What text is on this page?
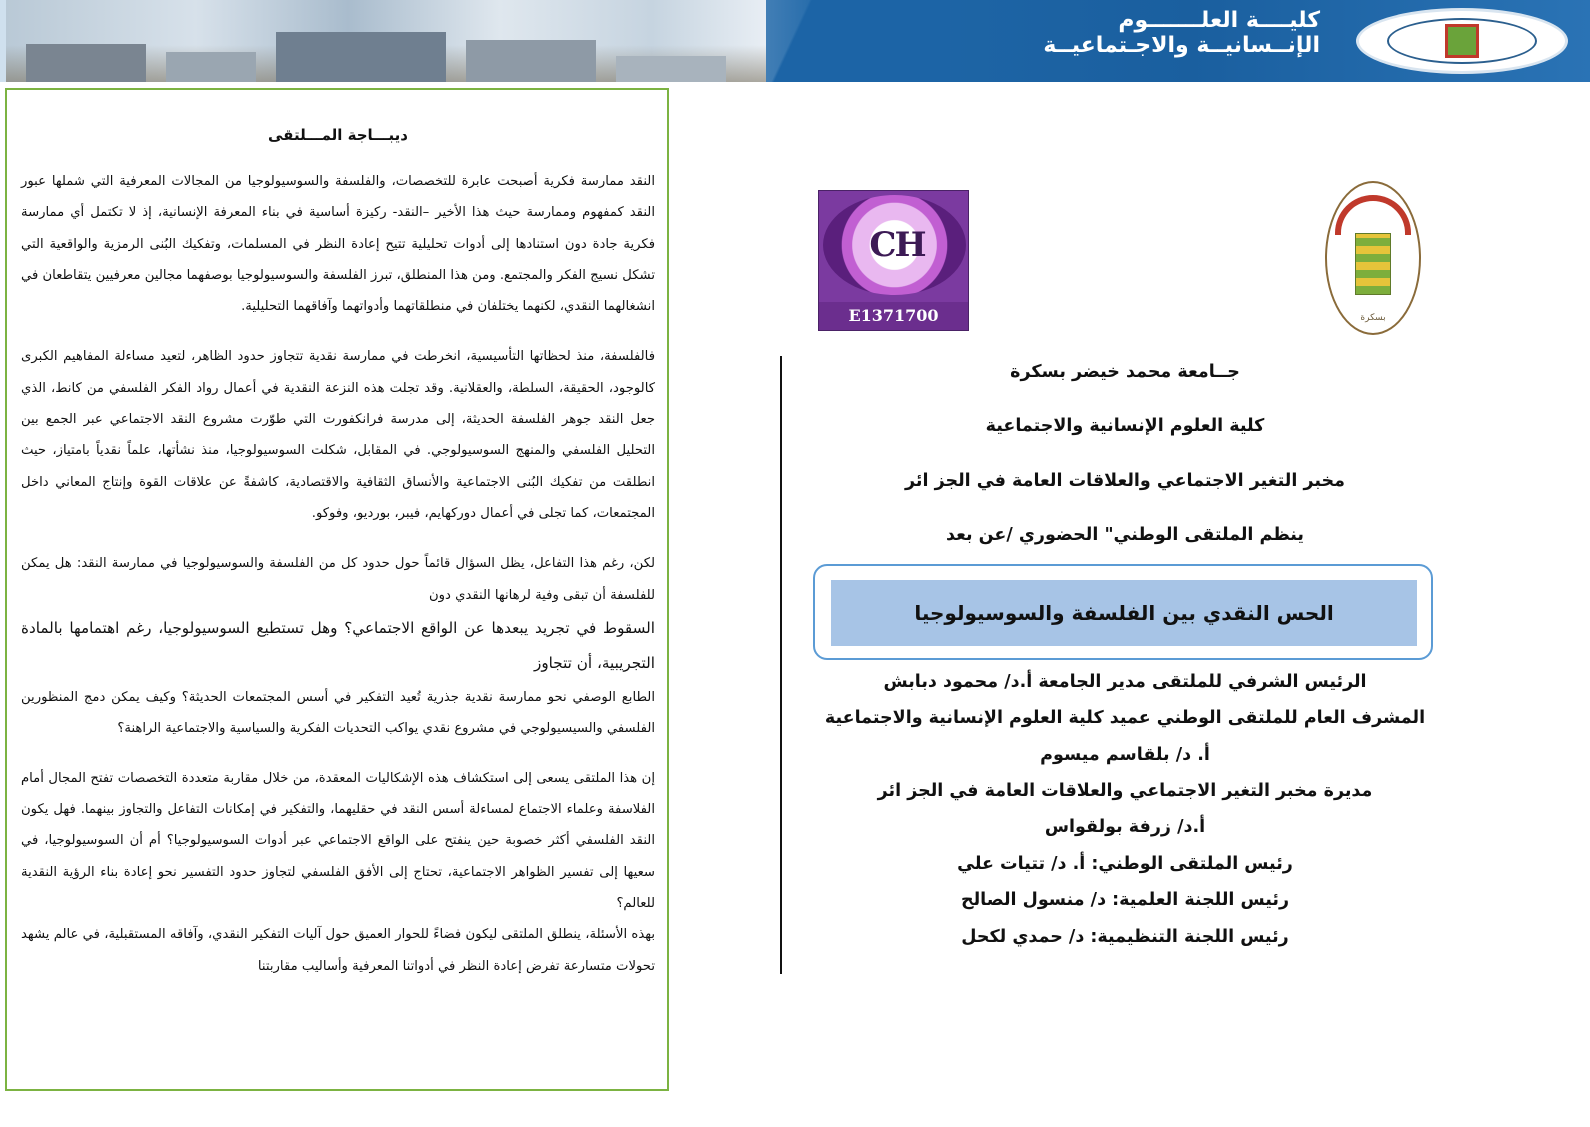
كليــــة العلـــــــوم
الإنــسانيــة والاجـتماعيــة
ديبـــاجة المـــلتقى

النقد ممارسة فكرية أصبحت عابرة للتخصصات، والفلسفة والسوسيولوجيا من المجالات المعرفية التي شملها عبور النقد كمفهوم وممارسة حيث هذا الأخير –النقد- ركيزة أساسية في بناء المعرفة الإنسانية، إذ لا تكتمل أي ممارسة فكرية جادة دون استنادها إلى أدوات تحليلية تتيح إعادة النظر في المسلمات، وتفكيك البُنى الرمزية والواقعية التي تشكل نسيج الفكر والمجتمع. ومن هذا المنطلق، تبرز الفلسفة والسوسيولوجيا بوصفهما مجالين معرفيين يتقاطعان في انشغالهما النقدي، لكنهما يختلفان في منطلقاتهما وأدواتهما وآفاقهما التحليلية.

فالفلسفة، منذ لحظاتها التأسيسية، انخرطت في ممارسة نقدية تتجاوز حدود الظاهر، لتعيد مساءلة المفاهيم الكبرى كالوجود، الحقيقة، السلطة، والعقلانية. وقد تجلت هذه النزعة النقدية في أعمال رواد الفكر الفلسفي من كانط، الذي جعل النقد جوهر الفلسفة الحديثة، إلى مدرسة فرانكفورت التي طوّرت مشروع النقد الاجتماعي عبر الجمع بين التحليل الفلسفي والمنهج السوسيولوجي. في المقابل، شكلت السوسيولوجيا، منذ نشأتها، علماً نقدياً بامتياز، حيث انطلقت من تفكيك البُنى الاجتماعية والأنساق الثقافية والاقتصادية، كاشفةً عن علاقات القوة وإنتاج المعاني داخل المجتمعات، كما تجلى في أعمال دوركهايم، فيبر، بورديو، وفوكو.

لكن، رغم هذا التفاعل، يظل السؤال قائماً حول حدود كل من الفلسفة والسوسيولوجيا في ممارسة النقد: هل يمكن للفلسفة أن تبقى وفية لرهانها النقدي دون

السقوط في تجريد يبعدها عن الواقع الاجتماعي؟ وهل تستطيع السوسيولوجيا، رغم اهتمامها بالمادة التجريبية، أن تتجاوز

الطابع الوصفي نحو ممارسة نقدية جذرية تُعيد التفكير في أسس المجتمعات الحديثة؟ وكيف يمكن دمج المنظورين الفلسفي والسيسيولوجي في مشروع نقدي يواكب التحديات الفكرية والسياسية والاجتماعية الراهنة؟

إن هذا الملتقى يسعى إلى استكشاف هذه الإشكاليات المعقدة، من خلال مقاربة متعددة التخصصات تفتح المجال أمام الفلاسفة وعلماء الاجتماع لمساءلة أسس النقد في حقليهما، والتفكير في إمكانات التفاعل والتجاوز بينهما. فهل يكون النقد الفلسفي أكثر خصوبة حين ينفتح على الواقع الاجتماعي عبر أدوات السوسيولوجيا؟ أم أن السوسيولوجيا، في سعيها إلى تفسير الظواهر الاجتماعية، تحتاج إلى الأفق الفلسفي لتجاوز حدود التفسير نحو إعادة بناء الرؤية النقدية للعالم؟

بهذه الأسئلة، ينطلق الملتقى ليكون فضاءً للحوار العميق حول آليات التفكير النقدي، وآفاقه المستقبلية، في عالم يشهد تحولات متسارعة تفرض إعادة النظر في أدواتنا المعرفية وأساليب مقاربتنا

CH
E1371700	بسكرة
جــامعة محمد خيضر بسكرة
كلية العلوم الإنسانية والاجتماعية
مخبر التغير الاجتماعي والعلاقات العامة في الجز ائر
ينظم الملتقى الوطني" الحضوري /عن بعد
الحس النقدي بين الفلسفة والسوسيولوجيا
الرئيس الشرفي للملتقى مدير الجامعة أ.د/ محمود دبابش
المشرف العام للملتقى الوطني عميد كلية العلوم الإنسانية والاجتماعية
أ. د/ بلقاسم ميسوم
مديرة مخبر التغير الاجتماعي والعلاقات العامة في الجز ائر
أ.د/ زرفة بولقواس
رئيس الملتقى الوطني: أ. د/ تتيات علي
رئيس اللجنة العلمية: د/ منسول الصالح
رئيس اللجنة التنظيمية: د/ حمدي لكحل
